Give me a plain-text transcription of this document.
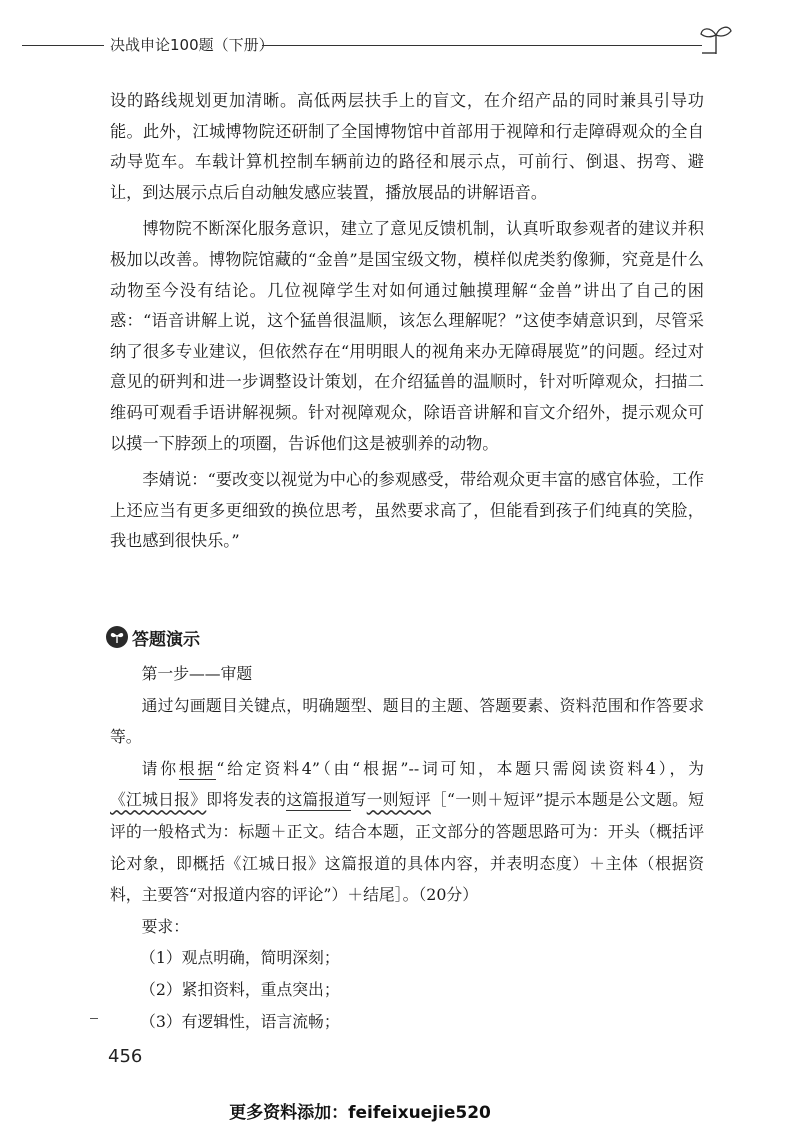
决战申论100题（下册）

设的路线规划更加清晰。高低两层扶手上的盲文，在介绍产品的同时兼具引导功能。此外，江城博物院还研制了全国博物馆中首部用于视障和行走障碍观众的全自动导览车。车载计算机控制车辆前边的路径和展示点，可前行、倒退、拐弯、避让，到达展示点后自动触发感应装置，播放展品的讲解语音。

博物院不断深化服务意识，建立了意见反馈机制，认真听取参观者的建议并积极加以改善。博物院馆藏的“金兽”是国宝级文物，模样似虎类豹像狮，究竟是什么动物至今没有结论。几位视障学生对如何通过触摸理解“金兽”讲出了自己的困惑：“语音讲解上说，这个猛兽很温顺，该怎么理解呢？”这使李婧意识到，尽管采纳了很多专业建议，但依然存在“用明眼人的视角来办无障碍展览”的问题。经过对意见的研判和进一步调整设计策划，在介绍猛兽的温顺时，针对听障观众，扫描二维码可观看手语讲解视频。针对视障观众，除语音讲解和盲文介绍外，提示观众可以摸一下脖颈上的项圈，告诉他们这是被驯养的动物。

李婧说：“要改变以视觉为中心的参观感受，带给观众更丰富的感官体验，工作上还应当有更多更细致的换位思考，虽然要求高了，但能看到孩子们纯真的笑脸，我也感到很快乐。”

答题演示

第一步——审题

通过勾画题目关键点，明确题型、题目的主题、答题要素、资料范围和作答要求等。

请你根据“给定资料4”（由“根据”--词可知，本题只需阅读资料4），为《江城日报》即将发表的这篇报道写一则短评［“一则＋短评”提示本题是公文题。短评的一般格式为：标题＋正文。结合本题，正文部分的答题思路可为：开头（概括评论对象，即概括《江城日报》这篇报道的具体内容，并表明态度）＋主体（根据资料，主要答“对报道内容的评论”）＋结尾］。（20分）

要求：

（1）观点明确，简明深刻；

（2）紧扣资料，重点突出；

（3）有逻辑性，语言流畅；

456
更多资料添加：feifeixuejie520
